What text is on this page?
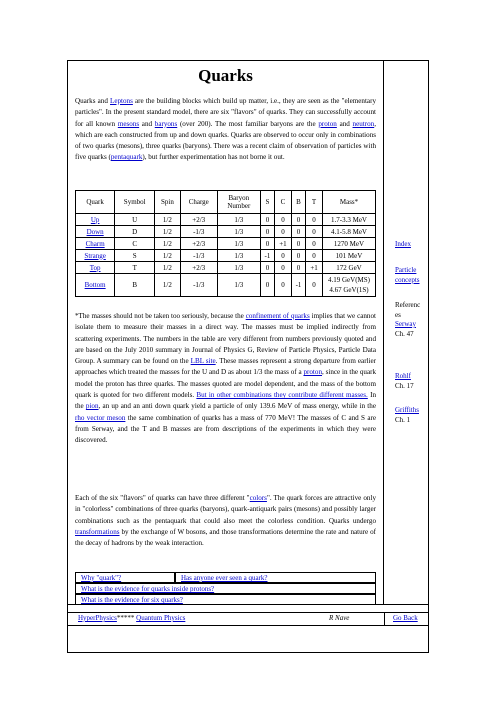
Quarks

Quarks and Leptons are the building blocks which build up matter, i.e., they are seen as the "elementary particles". In the present standard model, there are six "flavors" of quarks. They can successfully account for all known mesons and baryons (over 200). The most familiar baryons are the proton and neutron, which are each constructed from up and down quarks. Quarks are observed to occur only in combinations of two quarks (mesons), three quarks (baryons). There was a recent claim of observation of particles with five quarks (pentaquark), but further experimentation has not borne it out.

Quark	Symbol	Spin	Charge	Baryon Number	S	C	B	T	Mass*
Up	U	1/2	+2/3	1/3	0	0	0	0	1.7-3.3 MeV
Down	D	1/2	-1/3	1/3	0	0	0	0	4.1-5.8 MeV
Charm	C	1/2	+2/3	1/3	0	+1	0	0	1270 MeV
Strange	S	1/2	-1/3	1/3	-1	0	0	0	101 MeV
Top	T	1/2	+2/3	1/3	0	0	0	+1	172 GeV
Bottom	B	1/2	-1/3	1/3	0	0	-1	0	4.19 GeV(MS)
4.67 GeV(1S)

*The masses should not be taken too seriously, because the confinement of quarks implies that we cannot isolate them to measure their masses in a direct way. The masses must be implied indirectly from scattering experiments. The numbers in the table are very different from numbers previously quoted and are based on the July 2010 summary in Journal of Physics G, Review of Particle Physics, Particle Data Group. A summary can be found on the LBL site. These masses represent a strong departure from earlier approaches which treated the masses for the U and D as about 1/3 the mass of a proton, since in the quark model the proton has three quarks. The masses quoted are model dependent, and the mass of the bottom quark is quoted for two different models. But in other combinations they contribute different masses. In the pion, an up and an anti down quark yield a particle of only 139.6 MeV of mass energy, while in the rho vector meson the same combination of quarks has a mass of 770 MeV! The masses of C and S are from Serway, and the T and B masses are from descriptions of the experiments in which they were discovered.

Each of the six "flavors" of quarks can have three different "colors". The quark forces are attractive only in "colorless" combinations of three quarks (baryons), quark-antiquark pairs (mesons) and possibly larger combinations such as the pentaquark that could also meet the colorless condition. Quarks undergo transformations by the exchange of W bosons, and those transformations determine the rate and nature of the decay of hadrons by the weak interaction.

Why "quark"?	Has anyone ever seen a quark?
What is the evidence for quarks inside protons?
What is the evidence for six quarks?
Index
Particle
concepts
Referenc
es
Serway
Ch. 47
Rohlf
Ch. 17
Griffiths
Ch. 1
HyperPhysics***** Quantum Physics	R Nave	Go Back
